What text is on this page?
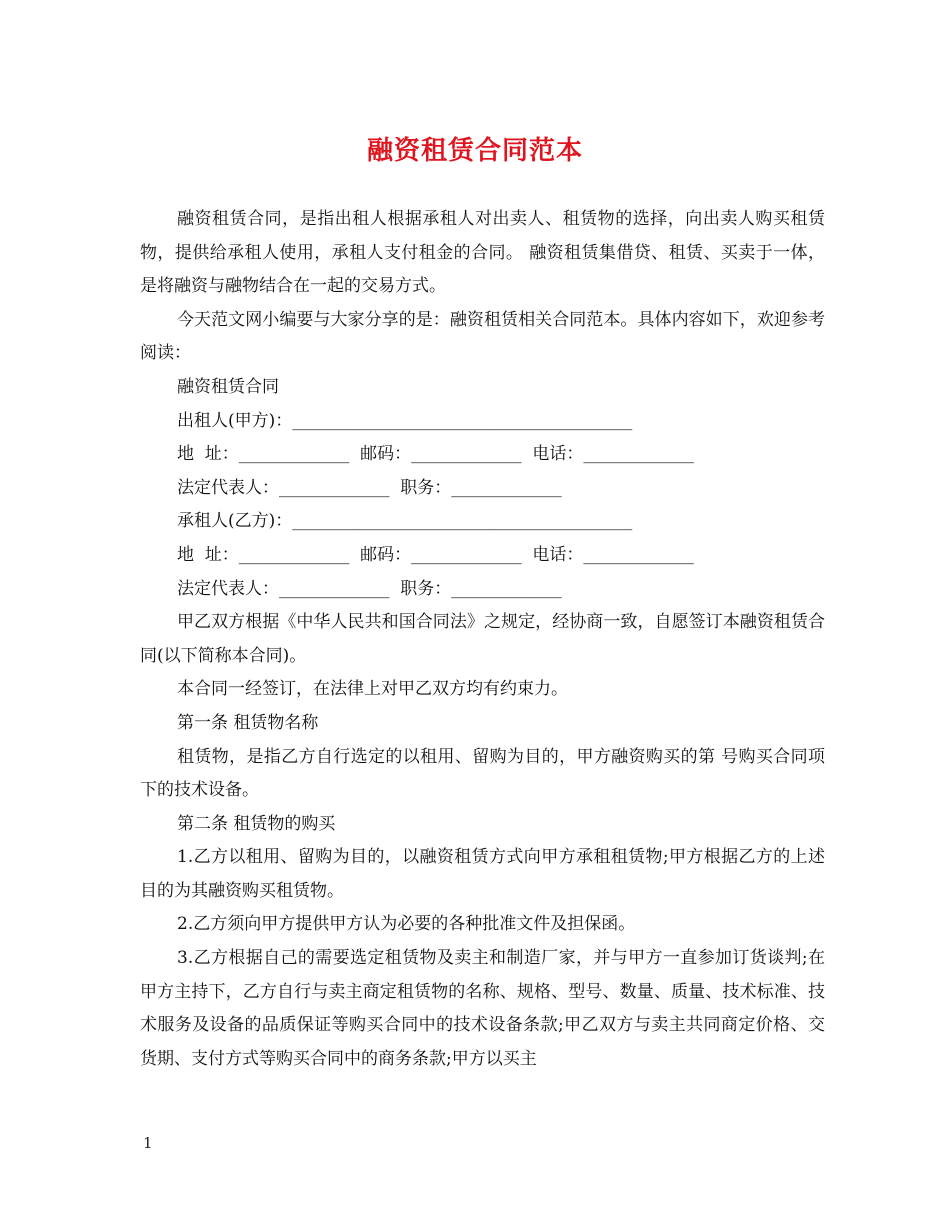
融资租赁合同范本

融资租赁合同，是指出租人根据承租人对出卖人、租赁物的选择，向出卖人购买租赁物，提供给承租人使用，承租人支付租金的合同。 融资租赁集借贷、租赁、买卖于一体，是将融资与融物结合在一起的交易方式。

今天范文网小编要与大家分享的是：融资租赁相关合同范本。具体内容如下，欢迎参考阅读：

融资租赁合同

出租人(甲方)：________________________________________

地  址：_____________  邮码：_____________  电话：_____________

法定代表人：_____________  职务：_____________

承租人(乙方)：________________________________________

地  址：_____________  邮码：_____________  电话：_____________

法定代表人：_____________  职务：_____________

甲乙双方根据《中华人民共和国合同法》之规定，经协商一致，自愿签订本融资租赁合同(以下简称本合同)。

本合同一经签订，在法律上对甲乙双方均有约束力。

第一条 租赁物名称

租赁物，是指乙方自行选定的以租用、留购为目的，甲方融资购买的第 号购买合同项下的技术设备。

第二条 租赁物的购买

1.乙方以租用、留购为目的，以融资租赁方式向甲方承租租赁物;甲方根据乙方的上述目的为其融资购买租赁物。

2.乙方须向甲方提供甲方认为必要的各种批准文件及担保函。

3.乙方根据自己的需要选定租赁物及卖主和制造厂家，并与甲方一直参加订货谈判;在甲方主持下，乙方自行与卖主商定租赁物的名称、规格、型号、数量、质量、技术标准、技术服务及设备的品质保证等购买合同中的技术设备条款;甲乙双方与卖主共同商定价格、交货期、支付方式等购买合同中的商务条款;甲方以买主

1
